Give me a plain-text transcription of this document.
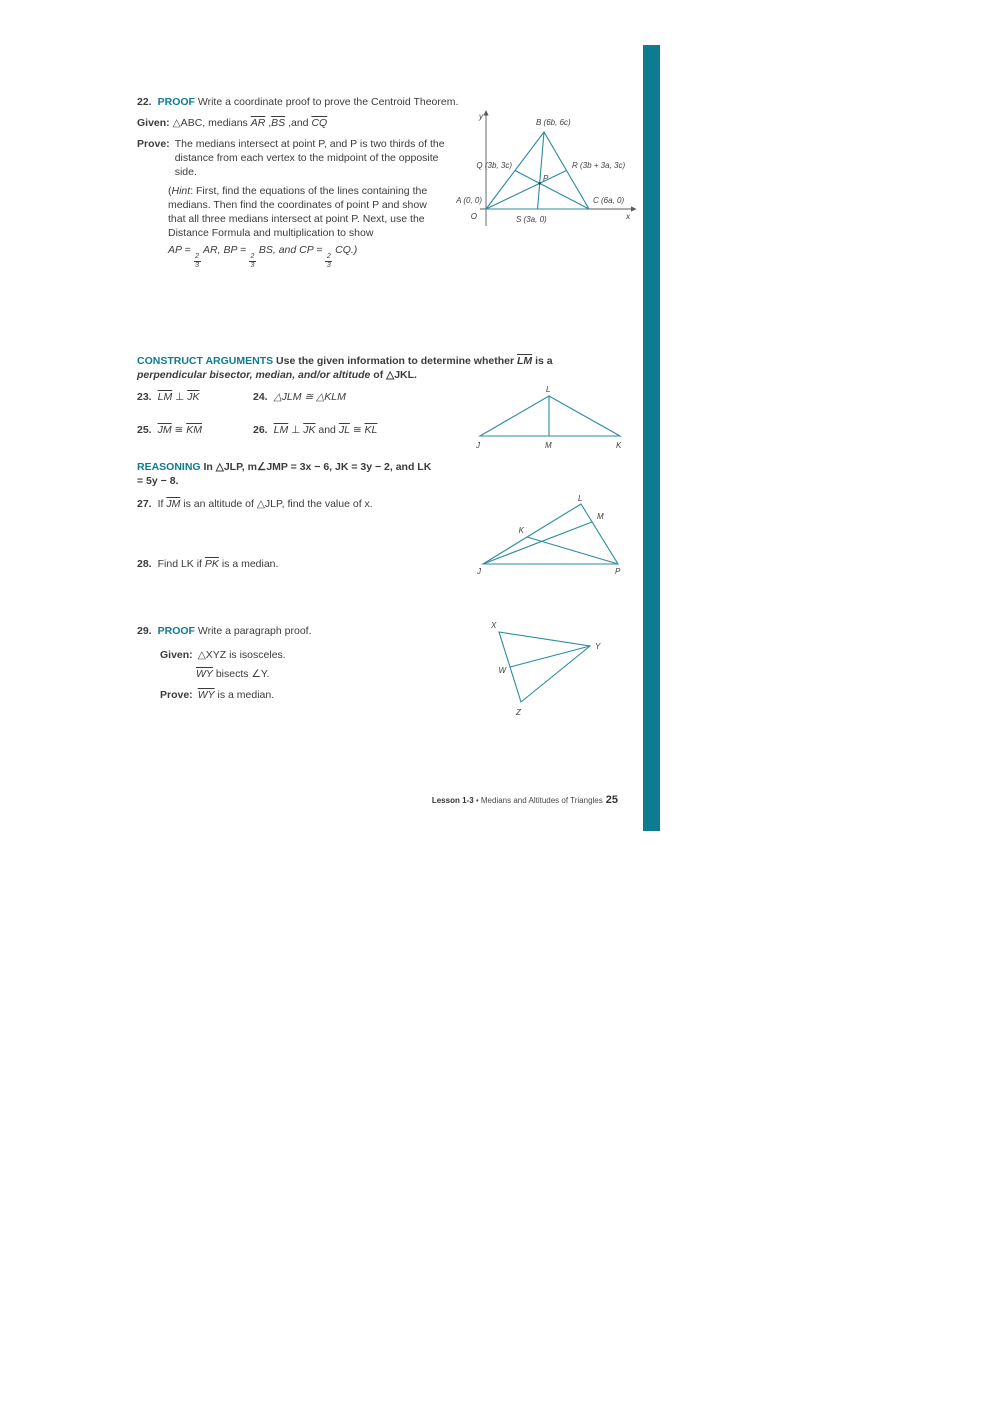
22. PROOF Write a coordinate proof to prove the Centroid Theorem.
Given: △ABC, medians $\overline{AR}$ $,\overline{BS}$ ,and $\overline{CQ}$
Prove: The medians intersect at point P, and P is two thirds of the distance from each vertex to the midpoint of the opposite side.
(Hint: First, find the equations of the lines containing the medians. Then find the coordinates of point P and show that all three medians intersect at point P. Next, use the Distance Formula and multiplication to show
AP =
$\frac{2}{3}$
AR, BP =
$\frac{2}{3}$
BS, and CP =
$\frac{2}{3}$
CQ.)
y
B (6b, 6c)
Q (3b, 3c)	R (3b + 3a, 3c)
P
A (0, 0)	C (6a, 0)
S (3a, 0)
O	x
CONSTRUCT ARGUMENTS Use the given information to determine whether $\overline{LM}$ is a perpendicular bisector, median, and/or altitude of △JKL.
23. $\overline{LM}$ ⊥ $\overline{JK}$	24. △JLM ≅ △KLM
25. $\overline{JM}$ ≅ $\overline{KM}$	26. $\overline{LM}$ ⊥ $\overline{JK}$ and $\overline{JL}$ ≅ $\overline{KL}$
L
J	M	K
REASONING In △JLP, m∠JMP = 3x − 6, JK = 3y − 2, and LK = 5y − 8.
27. If $\overline{JM}$ is an altitude of △JLP, find the value of x.
J
L
M
K
P
28. Find LK if $\overline{PK}$ is a median.
29. PROOF Write a paragraph proof.
Given: △XYZ is isosceles.
$\overline{WY}$ bisects ∠Y.
Prove: $\overline{WY}$ is a median.
X
Y
W
Z
Lesson 1-3 • Medians and Altitudes of Triangles 25
